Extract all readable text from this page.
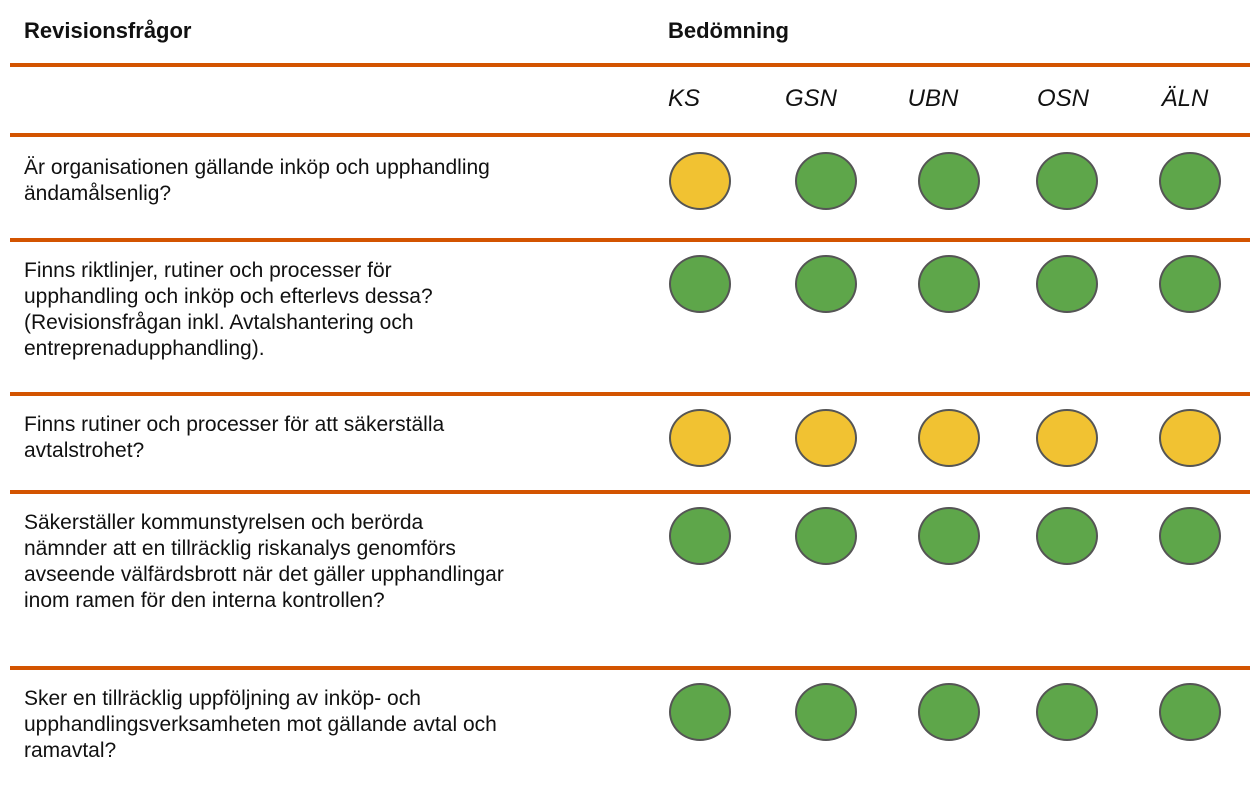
Revisionsfrågor	Bedömning
KS	GSN	UBN	OSN	ÄLN
Är organisationen gällande inköp och upphandling
ändamålsenlig?
Finns riktlinjer, rutiner och processer för
upphandling och inköp och efterlevs dessa?
(Revisionsfrågan inkl. Avtalshantering och
entreprenadupphandling).
Finns rutiner och processer för att säkerställa
avtalstrohet?
Säkerställer kommunstyrelsen och berörda
nämnder att en tillräcklig riskanalys genomförs
avseende välfärdsbrott när det gäller upphandlingar
inom ramen för den interna kontrollen?
Sker en tillräcklig uppföljning av inköp- och
upphandlingsverksamheten mot gällande avtal och
ramavtal?
